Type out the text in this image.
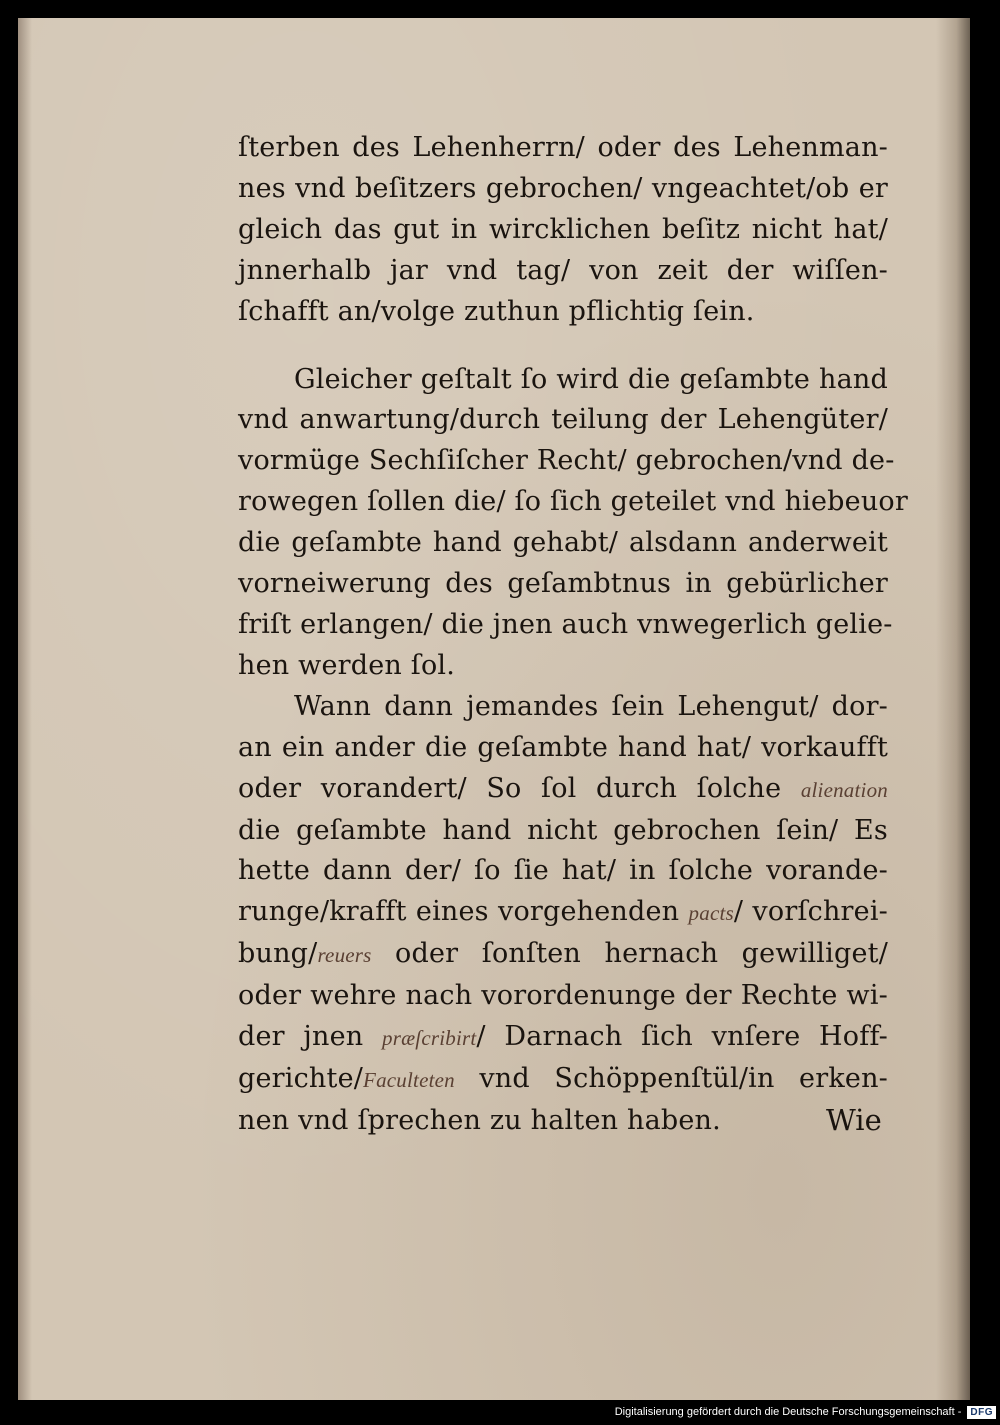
ſterben des Lehenherrn/ oder des Lehenman-
nes vnd beſitzers gebrochen/ vngeachtet/ob er
gleich das gut in wircklichen beſitz nicht hat/
jnnerhalb jar vnd tag/ von zeit der wiſſen-
ſchafft an/volge zuthun pflichtig ſein.
Gleicher geſtalt ſo wird die geſambte hand
vnd anwartung/durch teilung der Lehengüter/
vormüge Sechſiſcher Recht/ gebrochen/vnd de-
rowegen ſollen die/ ſo ſich geteilet vnd hiebeuor
die geſambte hand gehabt/ alsdann anderweit
vorneiwerung des geſambtnus in gebürlicher
friſt erlangen/ die jnen auch vnwegerlich gelie-
hen werden ſol.
Wann dann jemandes ſein Lehengut/ dor-
an ein ander die geſambte hand hat/ vorkaufft
oder vorandert/ So ſol durch ſolche alienation
die geſambte hand nicht gebrochen ſein/ Es
hette dann der/ ſo ſie hat/ in ſolche vorande-
runge/krafft eines vorgehenden pacts/ vorſchrei-
bung/reuers oder ſonſten hernach gewilliget/
oder wehre nach vorordenunge der Rechte wi-
der jnen præſcribirt/ Darnach ſich vnſere Hoff-
gerichte/Faculteten vnd Schöppenſtül/in erken-
nen vnd ſprechen zu halten haben.	Wie
Digitalisierung gefördert durch die Deutsche Forschungsgemeinschaft - DFG
